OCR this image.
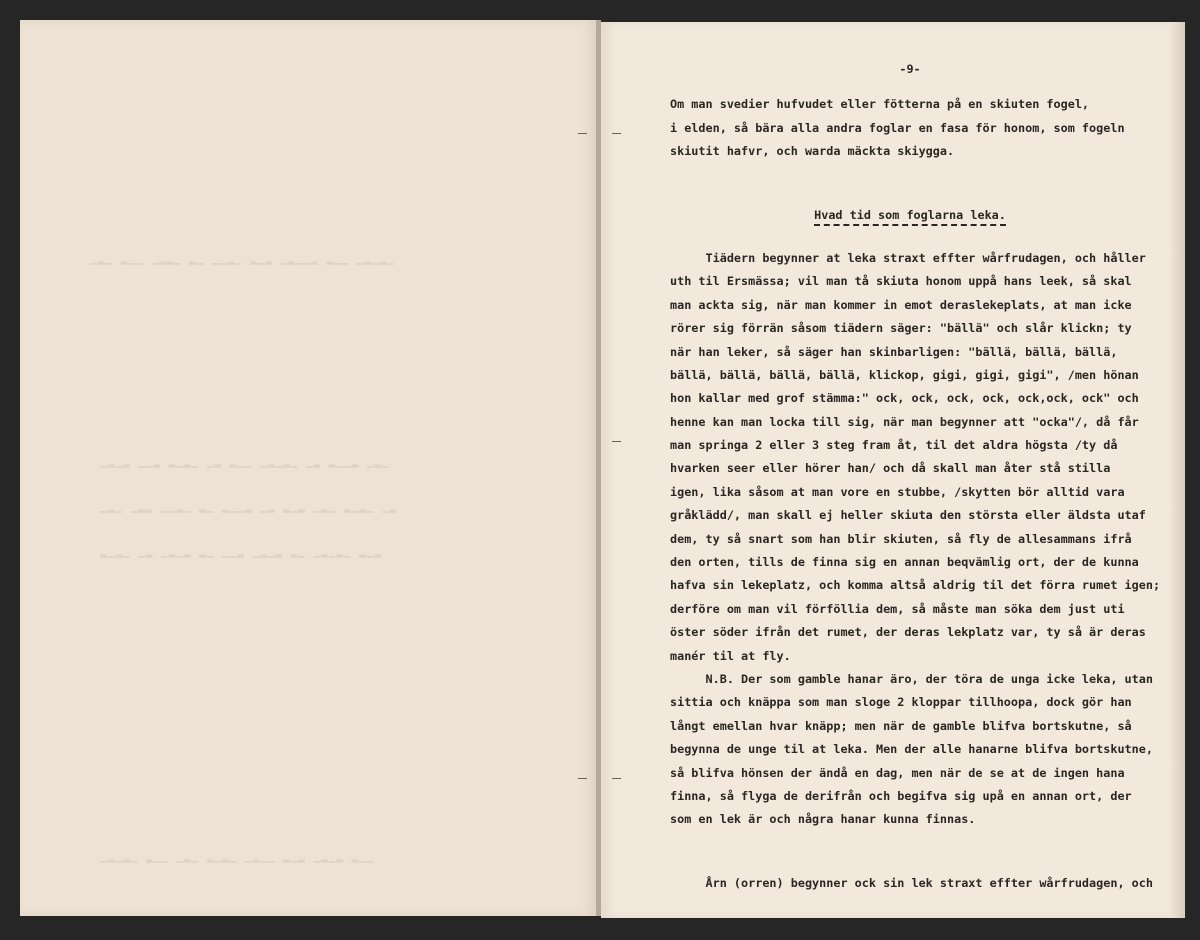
▁▂▁ ▂▁▁ ▁▂▂▁ ▂▁ ▁▁▂▁ ▂▁▂ ▁▂▁▁▂ ▂▁▁ ▁▂▁▂▁
▁▂▁▂ ▁▁▂ ▂▁▂▁ ▁▂ ▂▁▁ ▁▂▁▂▁ ▁▂ ▂▁▁▂ ▁▂▁
▁▂▁ ▁▂▂ ▁▁▂▁ ▂▁ ▂▁▁▂ ▁▂ ▂▁▂ ▁▂▁ ▂▁▂▁ ▁▂
▂▁▂▁ ▁▂ ▁▂▁▂ ▂▁ ▁▁▂ ▁▂▁▂ ▂▁ ▁▂▁▂▁ ▂▁▂
▁▂▁▂▁ ▂▁▁ ▁▂▁ ▂▁▂▁ ▁▂▁▁ ▂▁▂ ▁▂▁▂ ▂▁▁
-9-
Om man svedier hufvudet eller fötterna på en skiuten fogel,
i elden, så bära alla andra foglar en fasa för honom, som fogeln
skiutit hafvr, och warda mäckta skiygga.
Hvad tid som foglarna leka.
Tiädern begynner at leka straxt effter wårfrudagen, och håller
uth til Ersmässa; vil man tå skiuta honom uppå hans leek, så skal
man ackta sig, när man kommer in emot deraslekeplats, at man icke
rörer sig förrän såsom tiädern säger: "bällä" och slår klickn; ty
när han leker, så säger han skinbarligen: "bällä, bällä, bällä,
bällä, bällä, bällä, bällä, klickop, gigi, gigi, gigi", /men hönan
hon kallar med grof stämma:" ock, ock, ock, ock, ock,ock, ock" och
henne kan man locka till sig, när man begynner att "ocka"/, då får
man springa 2 eller 3 steg fram åt, til det aldra högsta /ty då
hvarken seer eller hörer han/ och då skall man åter stå stilla
igen, lika såsom at man vore en stubbe, /skytten bör alltid vara
gråklädd/, man skall ej heller skiuta den största eller äldsta utaf
dem, ty så snart som han blir skiuten, så fly de allesammans ifrå
den orten, tills de finna sig en annan beqvämlig ort, der de kunna
hafva sin lekeplatz, och komma altså aldrig til det förra rumet igen;
derföre om man vil förföllia dem, så måste man söka dem just uti
öster söder ifrån det rumet, der deras lekplatz var, ty så är deras
manér til at fly.
N.B. Der som gamble hanar äro, der töra de unga icke leka, utan
sittia och knäppa som man sloge 2 kloppar tillhoopa, dock gör han
långt emellan hvar knäpp; men när de gamble blifva bortskutne, så
begynna de unge til at leka. Men der alle hanarne blifva bortskutne,
så blifva hönsen der ändå en dag, men när de se at de ingen hana
finna, så flyga de derifrån och begifva sig upå en annan ort, der
som en lek är och några hanar kunna finnas.
Årn (orren) begynner ock sin lek straxt effter wårfrudagen, och
